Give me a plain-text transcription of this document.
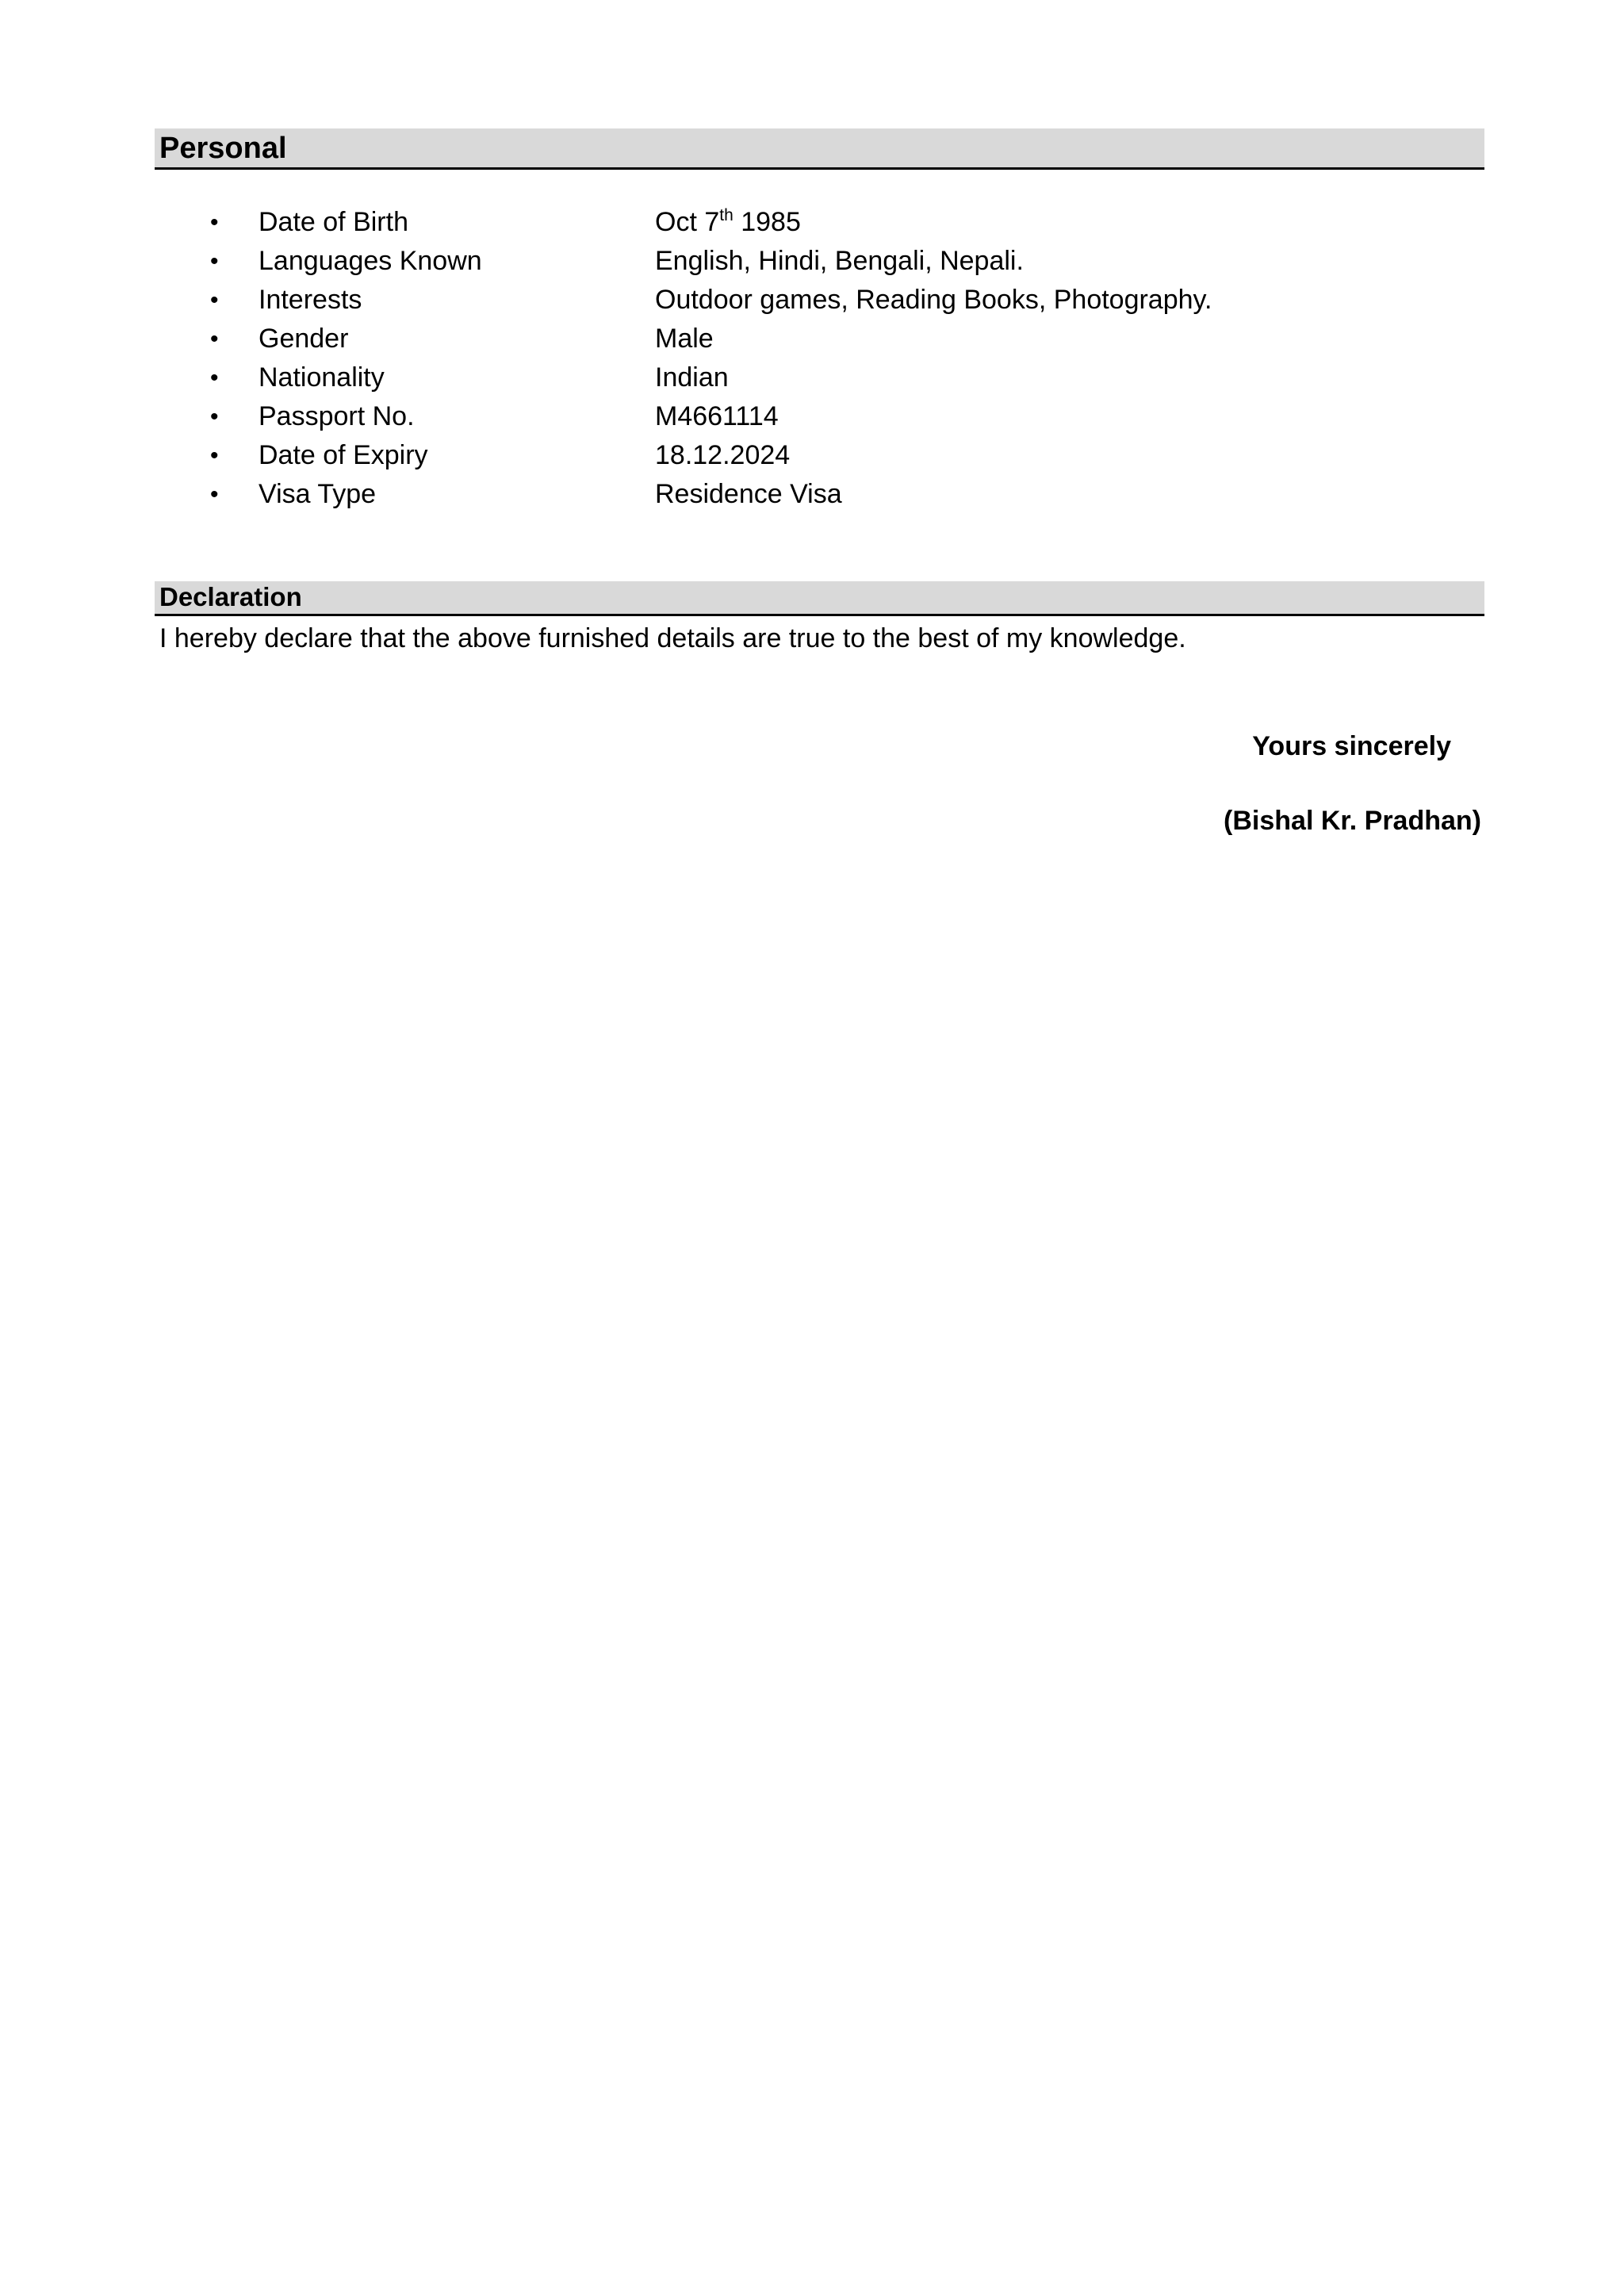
Personal
• Date of Birth	Oct 7th 1985
• Languages Known	English, Hindi, Bengali, Nepali.
• Interests	Outdoor games, Reading Books, Photography.
• Gender	Male
• Nationality	Indian
• Passport No.	M4661114
• Date of Expiry	18.12.2024
• Visa Type	Residence Visa
Declaration
I hereby declare that the above furnished details are true to the best of my knowledge.
Yours sincerely
(Bishal Kr. Pradhan)
